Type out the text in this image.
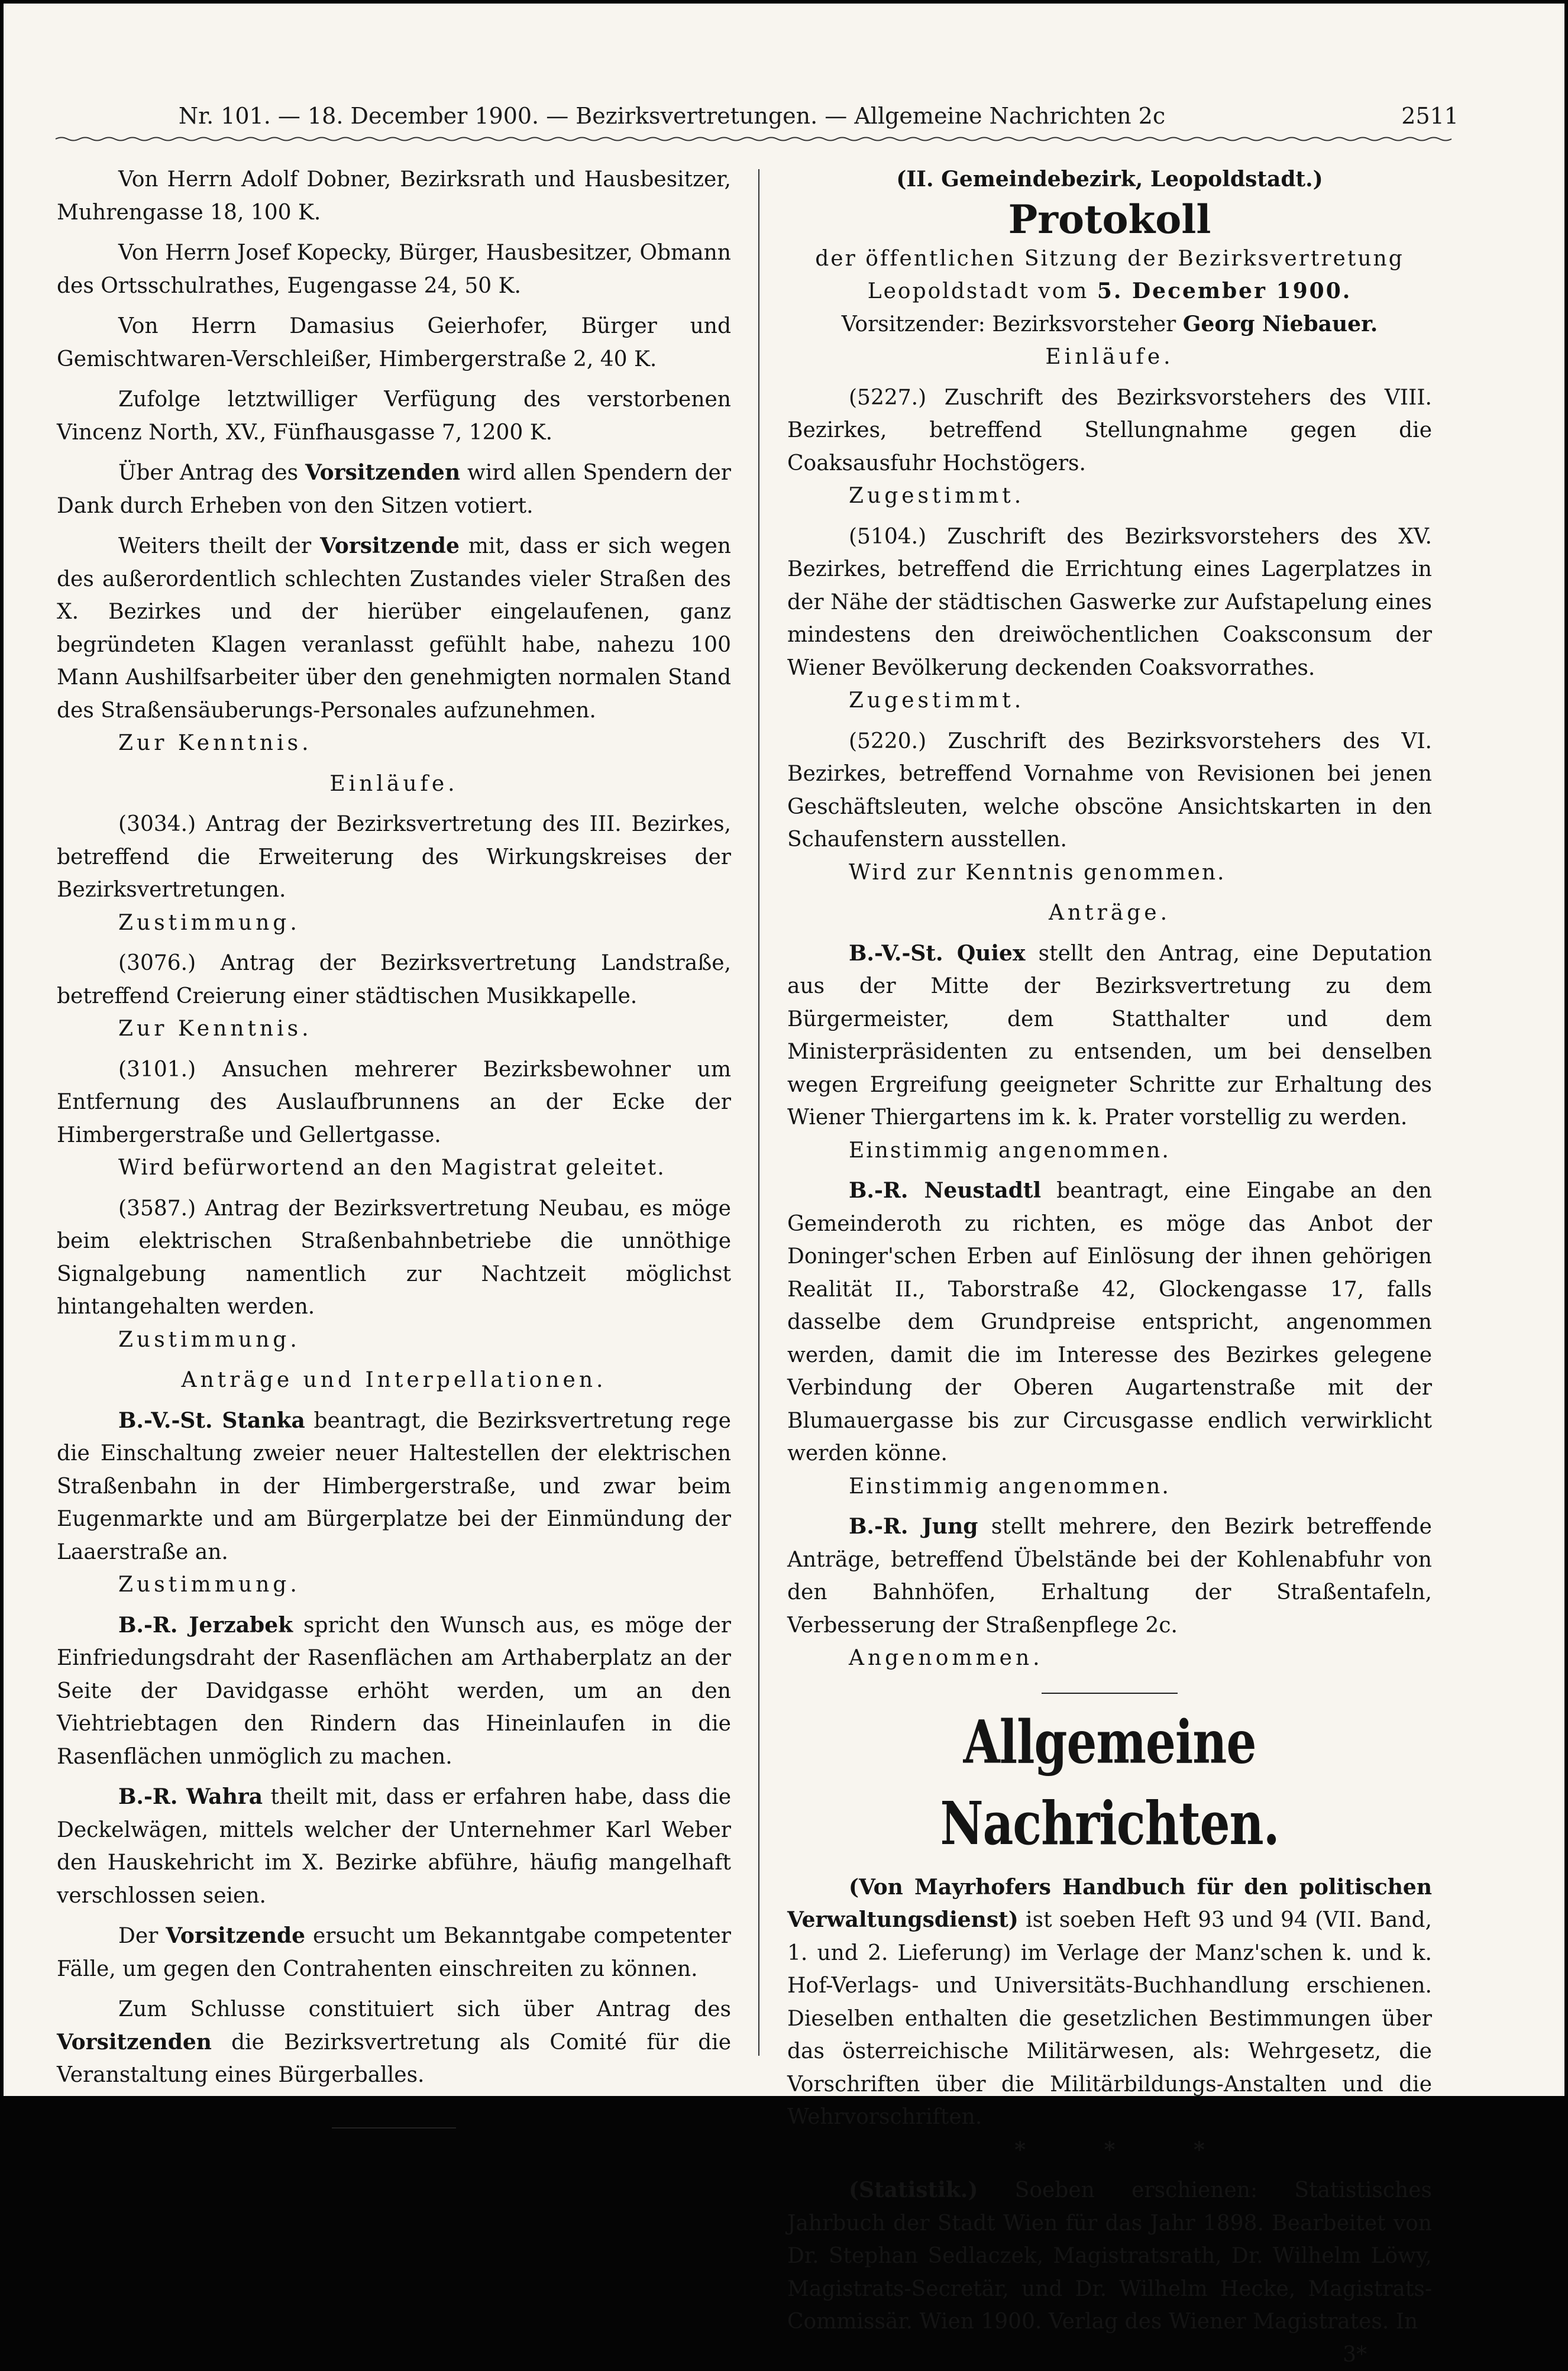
Nr. 101. — 18. December 1900. — Bezirksvertretungen. — Allgemeine Nachrichten 2c	2511

Von Herrn Adolf Dobner, Bezirksrath und Hausbesitzer, Muhrengasse 18, 100 K.

Von Herrn Josef Kopecky, Bürger, Hausbesitzer, Obmann des Ortsschulrathes, Eugengasse 24, 50 K.

Von Herrn Damasius Geierhofer, Bürger und Gemischtwaren-Verschleißer, Himbergerstraße 2, 40 K.

Zufolge letztwilliger Verfügung des verstorbenen Vincenz North, XV., Fünfhausgasse 7, 1200 K.

Über Antrag des Vorsitzenden wird allen Spendern der Dank durch Erheben von den Sitzen votiert.

Weiters theilt der Vorsitzende mit, dass er sich wegen des außerordentlich schlechten Zustandes vieler Straßen des X. Bezirkes und der hierüber eingelaufenen, ganz begründeten Klagen veranlasst gefühlt habe, nahezu 100 Mann Aushilfsarbeiter über den genehmigten normalen Stand des Straßensäuberungs-Personales aufzunehmen.

Zur Kenntnis.

Einläufe.

(3034.) Antrag der Bezirksvertretung des III. Bezirkes, betreffend die Erweiterung des Wirkungskreises der Bezirksvertretungen.

Zustimmung.

(3076.) Antrag der Bezirksvertretung Landstraße, betreffend Creierung einer städtischen Musikkapelle.

Zur Kenntnis.

(3101.) Ansuchen mehrerer Bezirksbewohner um Entfernung des Auslaufbrunnens an der Ecke der Himbergerstraße und Gellertgasse.

Wird befürwortend an den Magistrat geleitet.

(3587.) Antrag der Bezirksvertretung Neubau, es möge beim elektrischen Straßenbahnbetriebe die unnöthige Signalgebung namentlich zur Nachtzeit möglichst hintangehalten werden.

Zustimmung.

Anträge und Interpellationen.

B.-V.-St. Stanka beantragt, die Bezirksvertretung rege die Einschaltung zweier neuer Haltestellen der elektrischen Straßenbahn in der Himbergerstraße, und zwar beim Eugenmarkte und am Bürgerplatze bei der Einmündung der Laaerstraße an.

Zustimmung.

B.-R. Jerzabek spricht den Wunsch aus, es möge der Einfriedungsdraht der Rasenflächen am Arthaberplatz an der Seite der Davidgasse erhöht werden, um an den Viehtriebtagen den Rindern das Hineinlaufen in die Rasenflächen unmöglich zu machen.

B.-R. Wahra theilt mit, dass er erfahren habe, dass die Deckelwägen, mittels welcher der Unternehmer Karl Weber den Hauskehricht im X. Bezirke abführe, häufig mangelhaft verschlossen seien.

Der Vorsitzende ersucht um Bekanntgabe competenter Fälle, um gegen den Contrahenten einschreiten zu können.

Zum Schlusse constituiert sich über Antrag des Vorsitzenden die Bezirksvertretung als Comité für die Veranstaltung eines Bürgerballes.

(II. Gemeindebezirk, Leopoldstadt.)

Protokoll

der öffentlichen Sitzung der Bezirksvertretung Leopoldstadt vom 5. December 1900.

Vorsitzender: Bezirksvorsteher Georg Niebauer.

Einläufe.

(5227.) Zuschrift des Bezirksvorstehers des VIII. Bezirkes, betreffend Stellungnahme gegen die Coaksausfuhr Hochstögers.

Zugestimmt.

(5104.) Zuschrift des Bezirksvorstehers des XV. Bezirkes, betreffend die Errichtung eines Lagerplatzes in der Nähe der städtischen Gaswerke zur Aufstapelung eines mindestens den dreiwöchentlichen Coaksconsum der Wiener Bevölkerung deckenden Coaksvorrathes.

Zugestimmt.

(5220.) Zuschrift des Bezirksvorstehers des VI. Bezirkes, betreffend Vornahme von Revisionen bei jenen Geschäftsleuten, welche obscöne Ansichtskarten in den Schaufenstern ausstellen.

Wird zur Kenntnis genommen.

Anträge.

B.-V.-St. Quiex stellt den Antrag, eine Deputation aus der Mitte der Bezirksvertretung zu dem Bürgermeister, dem Statthalter und dem Ministerpräsidenten zu entsenden, um bei denselben wegen Ergreifung geeigneter Schritte zur Erhaltung des Wiener Thiergartens im k. k. Prater vorstellig zu werden.

Einstimmig angenommen.

B.-R. Neustadtl beantragt, eine Eingabe an den Gemeinderoth zu richten, es möge das Anbot der Doninger'schen Erben auf Einlösung der ihnen gehörigen Realität II., Taborstraße 42, Glockengasse 17, falls dasselbe dem Grundpreise entspricht, angenommen werden, damit die im Interesse des Bezirkes gelegene Verbindung der Oberen Augartenstraße mit der Blumauergasse bis zur Circusgasse endlich verwirklicht werden könne.

Einstimmig angenommen.

B.-R. Jung stellt mehrere, den Bezirk betreffende Anträge, betreffend Übelstände bei der Kohlenabfuhr von den Bahnhöfen, Erhaltung der Straßentafeln, Verbesserung der Straßenpflege 2c.

Angenommen.

Allgemeine Nachrichten.

(Von Mayrhofers Handbuch für den politischen Verwaltungsdienst) ist soeben Heft 93 und 94 (VII. Band, 1. und 2. Lieferung) im Verlage der Manz'schen k. und k. Hof-Verlags- und Universitäts-Buchhandlung erschienen. Dieselben enthalten die gesetzlichen Bestimmungen über das österreichische Militärwesen, als: Wehrgesetz, die Vorschriften über die Militärbildungs-Anstalten und die Wehrvorschriften.

* * *

(Statistik.) Soeben erschienen: Statistisches Jahrbuch der Stadt Wien für das Jahr 1898. Bearbeitet von Dr. Stephan Sedlaczek, Magistratsrath, Dr. Wilhelm Löwy, Magistrats-Secretär, und Dr. Wilhelm Hecke, Magistrats-Commissär. Wien 1900. Verlag des Wiener Magistrates. In

3*
